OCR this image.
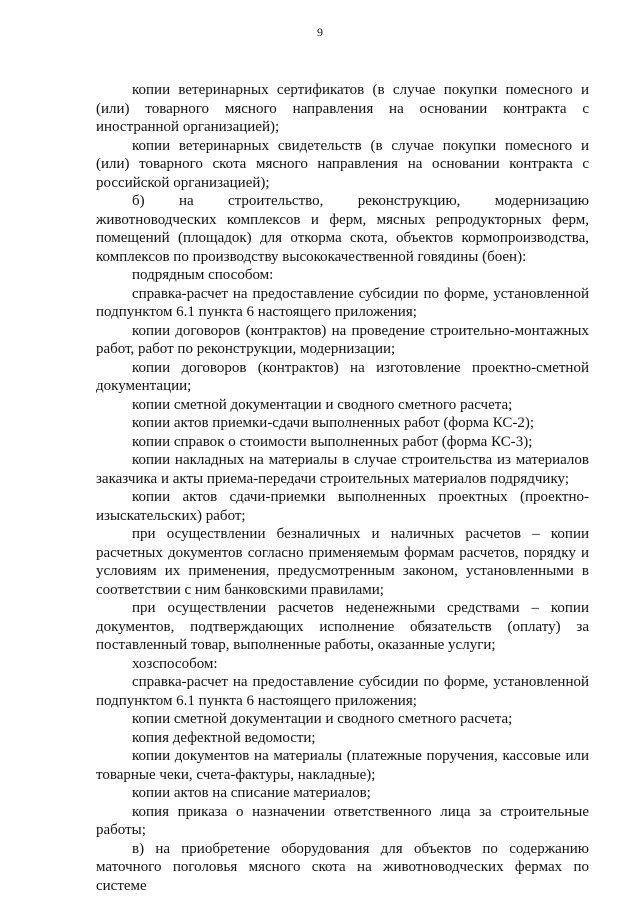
9

копии ветеринарных сертификатов (в случае покупки помесного и (или) товарного мясного направления на основании контракта с иностранной организацией);

копии ветеринарных свидетельств (в случае покупки помесного и (или) товарного скота мясного направления на основании контракта с российской организацией);

б) на строительство, реконструкцию, модернизацию животноводческих комплексов и ферм, мясных репродукторных ферм, помещений (площадок) для откорма скота, объектов кормопроизводства, комплексов по производству высококачественной говядины (боен):

подрядным способом:

справка-расчет на предоставление субсидии по форме, установленной подпунктом 6.1 пункта 6 настоящего приложения;

копии договоров (контрактов) на проведение строительно-монтажных работ, работ по реконструкции, модернизации;

копии договоров (контрактов) на изготовление проектно-сметной документации;

копии сметной документации и сводного сметного расчета;

копии актов приемки-сдачи выполненных работ (форма КС-2);

копии справок о стоимости выполненных работ (форма КС-3);

копии накладных на материалы в случае строительства из материалов заказчика и акты приема-передачи строительных материалов подрядчику;

копии актов сдачи-приемки выполненных проектных (проектно-изыскательских) работ;

при осуществлении безналичных и наличных расчетов – копии расчетных документов согласно применяемым формам расчетов, порядку и условиям их применения, предусмотренным законом, установленными в соответствии с ним банковскими правилами;

при осуществлении расчетов неденежными средствами – копии документов, подтверждающих исполнение обязательств (оплату) за поставленный товар, выполненные работы, оказанные услуги;

хозспособом:

справка-расчет на предоставление субсидии по форме, установленной подпунктом 6.1 пункта 6 настоящего приложения;

копии сметной документации и сводного сметного расчета;

копия дефектной ведомости;

копии документов на материалы (платежные поручения, кассовые или товарные чеки, счета-фактуры, накладные);

копии актов на списание материалов;

копия приказа о назначении ответственного лица за строительные работы;

в) на приобретение оборудования для объектов по содержанию маточного поголовья мясного скота на животноводческих фермах по системе
